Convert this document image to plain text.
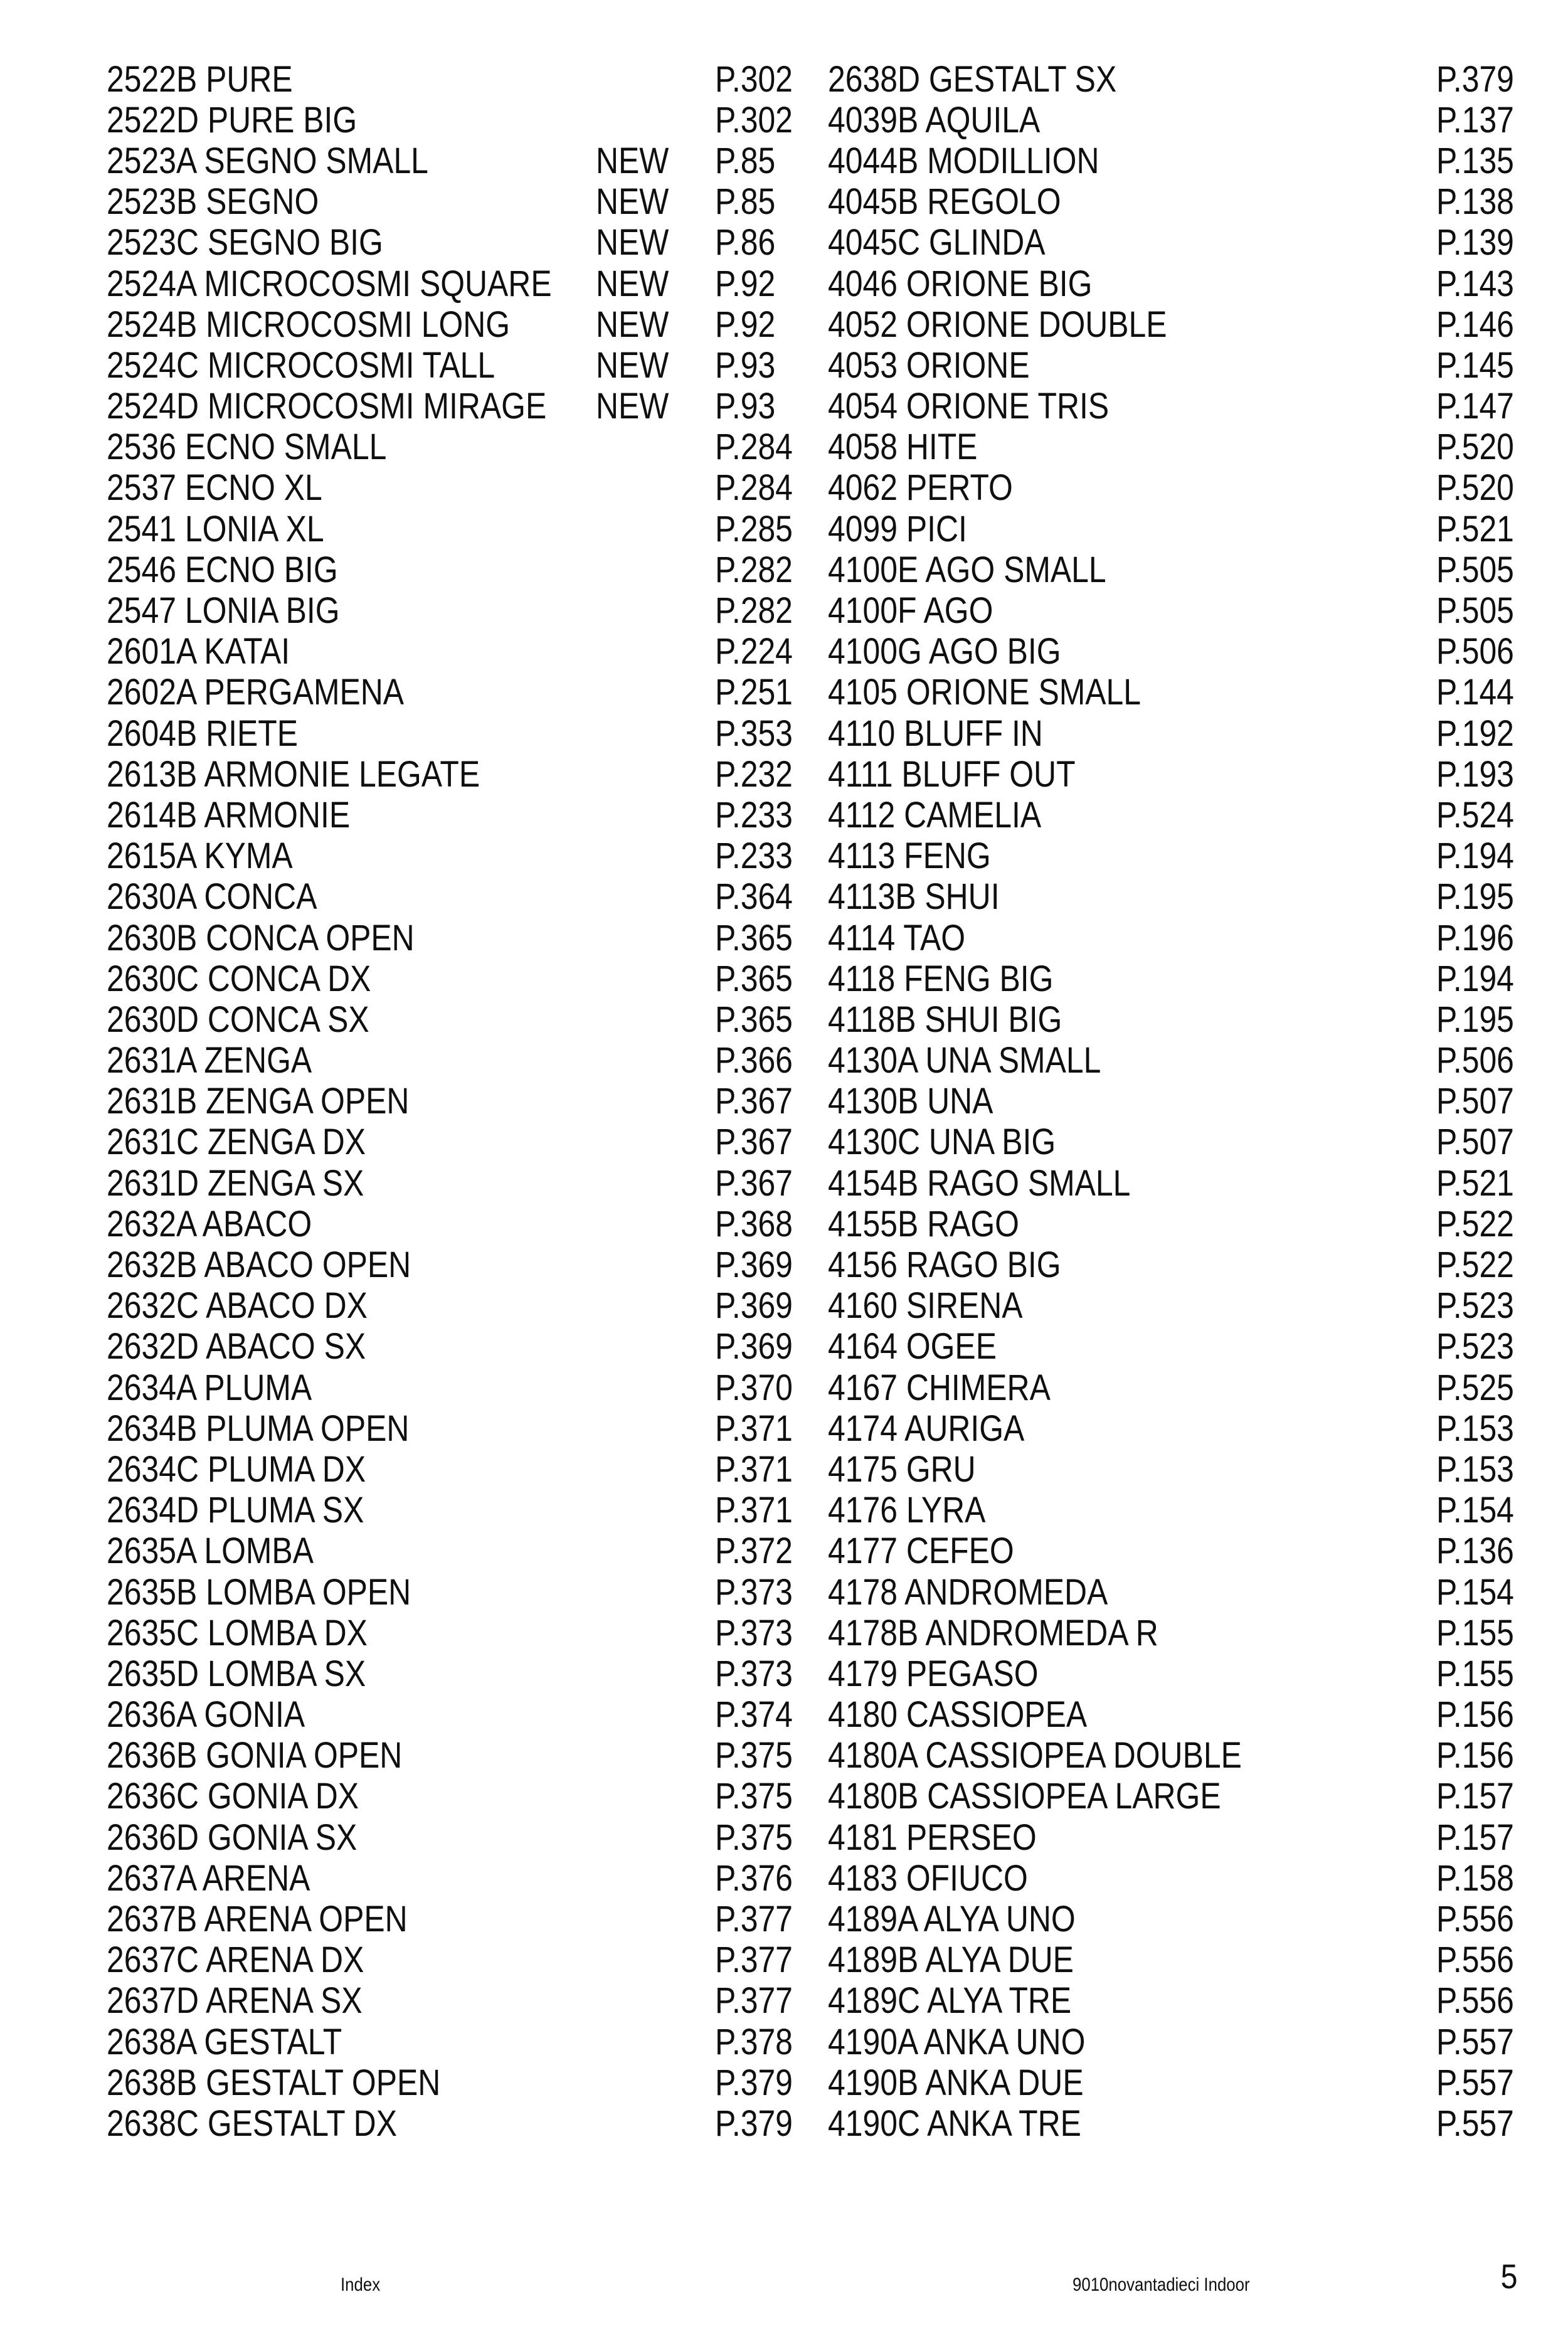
2522B PURE	P.302
2522D PURE BIG	P.302
2523A SEGNO SMALL	NEW P.85
2523B SEGNO	NEW P.85
2523C SEGNO BIG	NEW P.86
2524A MICROCOSMI SQUARE NEW P.92
2524B MICROCOSMI LONG NEW P.92
2524C MICROCOSMI TALL	NEW P.93
2524D MICROCOSMI MIRAGE NEW P.93
2536 ECNO SMALL	P.284
2537 ECNO XL	P.284
2541 LONIA XL	P.285
2546 ECNO BIG	P.282
2547 LONIA BIG	P.282
2601A KATAI	P.224
2602A PERGAMENA	P.251
2604B RIETE	P.353
2613B ARMONIE LEGATE	P.232
2614B ARMONIE	P.233
2615A KYMA	P.233
2630A CONCA	P.364
2630B CONCA OPEN	P.365
2630C CONCA DX	P.365
2630D CONCA SX	P.365
2631A ZENGA	P.366
2631B ZENGA OPEN	P.367
2631C ZENGA DX	P.367
2631D ZENGA SX	P.367
2632A ABACO	P.368
2632B ABACO OPEN	P.369
2632C ABACO DX	P.369
2632D ABACO SX	P.369
2634A PLUMA	P.370
2634B PLUMA OPEN	P.371
2634C PLUMA DX	P.371
2634D PLUMA SX	P.371
2635A LOMBA	P.372
2635B LOMBA OPEN	P.373
2635C LOMBA DX	P.373
2635D LOMBA SX	P.373
2636A GONIA	P.374
2636B GONIA OPEN	P.375
2636C GONIA DX	P.375
2636D GONIA SX	P.375
2637A ARENA	P.376
2637B ARENA OPEN	P.377
2637C ARENA DX	P.377
2637D ARENA SX	P.377
2638A GESTALT	P.378
2638B GESTALT OPEN	P.379
2638C GESTALT DX	P.379
2638D GESTALT SX	P.379
4039B AQUILA	P.137
4044B MODILLION	P.135
4045B REGOLO	P.138
4045C GLINDA	P.139
4046 ORIONE BIG	P.143
4052 ORIONE DOUBLE	P.146
4053 ORIONE	P.145
4054 ORIONE TRIS	P.147
4058 HITE	P.520
4062 PERTO	P.520
4099 PICI	P.521
4100E AGO SMALL	P.505
4100F AGO	P.505
4100G AGO BIG	P.506
4105 ORIONE SMALL	P.144
4110 BLUFF IN	P.192
4111 BLUFF OUT	P.193
4112 CAMELIA	P.524
4113 FENG	P.194
4113B SHUI	P.195
4114 TAO	P.196
4118 FENG BIG	P.194
4118B SHUI BIG	P.195
4130A UNA SMALL	P.506
4130B UNA	P.507
4130C UNA BIG	P.507
4154B RAGO SMALL	P.521
4155B RAGO	P.522
4156 RAGO BIG	P.522
4160 SIRENA	P.523
4164 OGEE	P.523
4167 CHIMERA	P.525
4174 AURIGA	P.153
4175 GRU	P.153
4176 LYRA	P.154
4177 CEFEO	P.136
4178 ANDROMEDA	P.154
4178B ANDROMEDA R	P.155
4179 PEGASO	P.155
4180 CASSIOPEA	P.156
4180A CASSIOPEA DOUBLE	P.156
4180B CASSIOPEA LARGE	P.157
4181 PERSEO	P.157
4183 OFIUCO	P.158
4189A ALYA UNO	P.556
4189B ALYA DUE	P.556
4189C ALYA TRE	P.556
4190A ANKA UNO	P.557
4190B ANKA DUE	P.557
4190C ANKA TRE	P.557
Index	9010novantadieci Indoor	5
